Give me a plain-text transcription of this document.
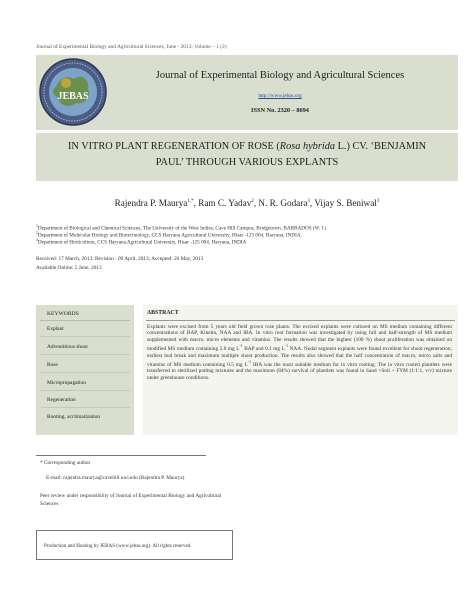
Journal of Experimental Biology and Agricultural Sciences, June - 2013; Volume – 1 (2)
JEBAS
Journal of Experimental Biology and Agricultural Sciences
http://www.jebas.org
ISSN No. 2320 – 8694
IN VITRO PLANT REGENERATION OF ROSE (Rosa hybrida L.) CV. ‘BENJAMIN
PAUL’ THROUGH VARIOUS EXPLANTS
Rajendra P. Maurya$^{1,*}$, Ram C. Yadav$^2$, N. R. Godara$^3$, Vijay S. Beniwal$^3$
$^1$Department of Biological and Chemical Sciences, The University of the West Indies, Cave Hill Campus, Bridgetown, BARBADOS (W. I.)
$^2$Department of Molecular Biology and Biotechnology, CCS Haryana Agricultural University, Hisar -125 004, Haryana, INDIA.
$^3$Department of Horticulture, CCS Haryana Agricultural University, Hisar -125 004, Haryana, INDIA
Received: 17 March, 2013; Revision : 09 April, 2013; Accepted: 26 May, 2013
Available Online: 5 June, 2013
KEYWORDS
Explant
Adventitious shoot
Rose
Micropropagation
Regeneration
Rooting, acclimatization
ABSTRACT
Explants were excised from 5 years old field grown rose plants. The excised explants were cultured on MS medium containing different concentrations of BAP, Kinetin, NAA and IBA. In vitro root formation was investigated by using full and half-strength of MS medium supplemented with macro, micro elements and vitamins. The results showed that the highest (100 %) shoot proliferation was obtained on modified MS medium containing 2.0 mg $L^{-1}$ BAP and 0.1 mg $L^{-1}$ NAA. Nodal segment explants were found excellent for shoot regeneration; earliest bud break and maximum multiple shoot production. The results also showed that the half concentration of macro, micro salts and vitamins of MS medium containing 0.5 mg $L^{-1}$ IBA was the most suitable medium for in vitro rooting. The in vitro rooted plantlets were transferred to sterilized potting mixtures and the maximum (84%) survival of plantlets was found in Sand +Soil + FYM (1:1:1, v/v) mixture under greenhouse conditions.
* Corresponding author
E-mail: rajendra.maurya@cavehill.uwi.edu (Rajendra P. Maurya)
Peer review under responsibility of Journal of Experimental Biology and Agricultural Sciences
Production and Hosting by JEBAS (www.jebas.org). All rights reserved.
